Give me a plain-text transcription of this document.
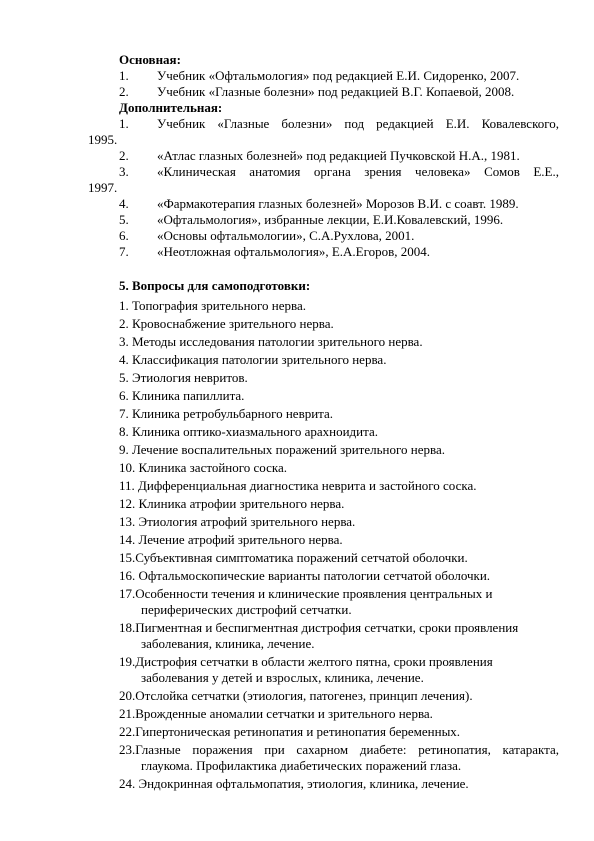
Основная:
1.	Учебник «Офтальмология» под редакцией Е.И. Сидоренко, 2007.
2.	Учебник «Глазные болезни» под редакцией В.Г. Копаевой, 2008.
Дополнительная:
1.	Учебник «Глазные болезни» под редакцией Е.И. Ковалевского,
1995.
2.	«Атлас глазных болезней» под редакцией Пучковской Н.А., 1981.
3.	«Клиническая анатомия органа зрения человека» Сомов Е.Е.,
1997.
4.	«Фармакотерапия глазных болезней» Морозов В.И. с соавт. 1989.
5.	«Офтальмология», избранные лекции, Е.И.Ковалевский, 1996.
6.	«Основы офтальмологии», С.А.Рухлова, 2001.
7.	«Неотложная офтальмология», Е.А.Егоров, 2004.
5. Вопросы для самоподготовки:
1. Топография зрительного нерва.
2. Кровоснабжение зрительного нерва.
3. Методы исследования патологии зрительного нерва.
4. Классификация патологии зрительного нерва.
5. Этиология невритов.
6. Клиника папиллита.
7. Клиника ретробульбарного неврита.
8. Клиника оптико-хиазмального арахноидита.
9. Лечение воспалительных поражений зрительного нерва.
10. Клиника застойного соска.
11. Дифференциальная диагностика неврита и застойного соска.
12. Клиника атрофии зрительного нерва.
13. Этиология атрофий зрительного нерва.
14. Лечение атрофий зрительного нерва.
15.Субъективная симптоматика поражений сетчатой оболочки.
16. Офтальмоскопические варианты патологии сетчатой оболочки.
17.Особенности течения и клинические проявления центральных и
периферических дистрофий сетчатки.
18.Пигментная и беспигментная дистрофия сетчатки, сроки проявления
заболевания, клиника, лечение.
19.Дистрофия сетчатки в области желтого пятна, сроки проявления
заболевания у детей и взрослых, клиника, лечение.
20.Отслойка сетчатки (этиология, патогенез, принцип лечения).
21.Врожденные аномалии сетчатки и зрительного нерва.
22.Гипертоническая ретинопатия и ретинопатия беременных.
23.Глазные поражения при сахарном диабете: ретинопатия, катаракта,
глаукома. Профилактика диабетических поражений глаза.
24. Эндокринная офтальмопатия, этиология, клиника, лечение.
